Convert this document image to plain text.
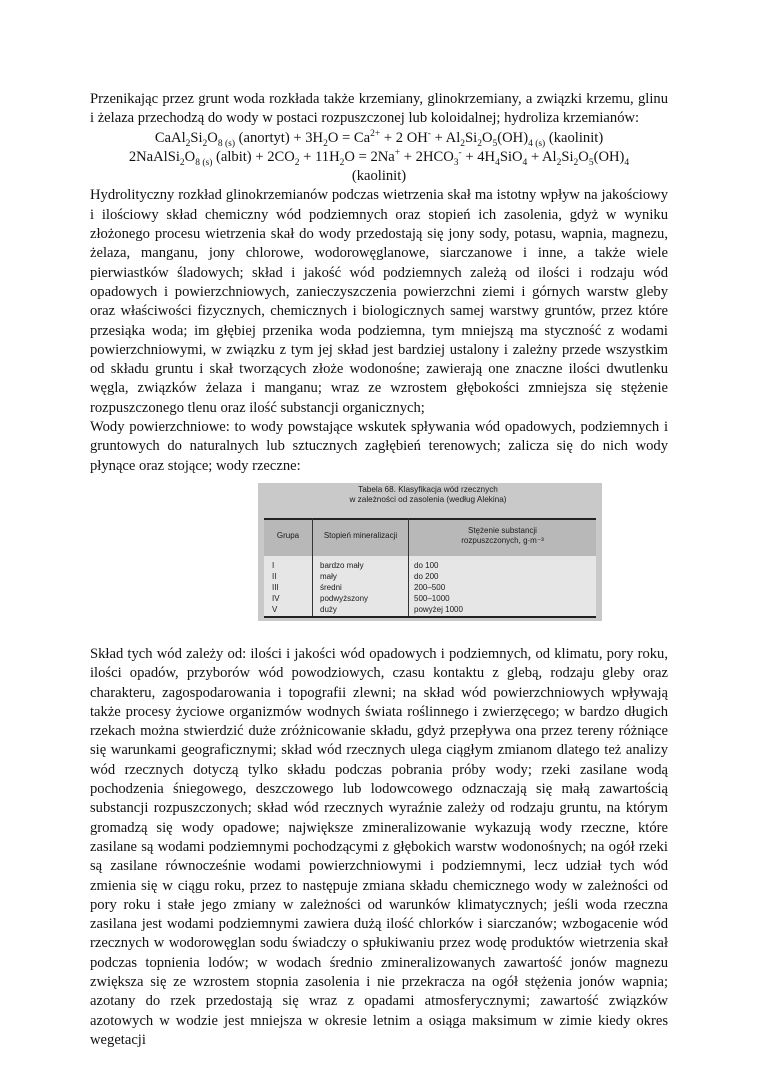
Przenikając przez grunt woda rozkłada także krzemiany, glinokrzemiany, a związki krzemu, glinu i żelaza przechodzą do wody w postaci rozpuszczonej lub koloidalnej; hydroliza krzemianów:

$CaAl_2Si_2O_{8 (s)}$ (anortyt) + $3H_2O = Ca^{2+} + 2$ $OH^- + Al_2Si_2O_5(OH)_{4 (s)}$ (kaolinit)
$2NaAlSi_2O_{8 (s)}$ (albit) + $2CO_2 + 11H_2O = 2Na^+ + 2HCO_3^- + 4H_4SiO_4 + Al_2Si_2O_5(OH)_4$
(kaolinit)

Hydrolityczny rozkład glinokrzemianów podczas wietrzenia skał ma istotny wpływ na jakościowy i ilościowy skład chemiczny wód podziemnych oraz stopień ich zasolenia, gdyż w wyniku złożonego procesu wietrzenia skał do wody przedostają się jony sody, potasu, wapnia, magnezu, żelaza, manganu, jony chlorowe, wodorowęglanowe, siarczanowe i inne, a także wiele pierwiastków śladowych; skład i jakość wód podziemnych zależą od ilości i rodzaju wód opadowych i powierzchniowych, zanieczyszczenia powierzchni ziemi i górnych warstw gleby oraz właściwości fizycznych, chemicznych i biologicznych samej warstwy gruntów, przez które przesiąka woda; im głębiej przenika woda podziemna, tym mniejszą ma styczność z wodami powierzchniowymi, w związku z tym jej skład jest bardziej ustalony i zależny przede wszystkim od składu gruntu i skał tworzących złoże wodonośne; zawierają one znaczne ilości dwutlenku węgla, związków żelaza i manganu; wraz ze wzrostem głębokości zmniejsza się stężenie rozpuszczonego tlenu oraz ilość substancji organicznych;

Wody powierzchniowe: to wody powstające wskutek spływania wód opadowych, podziemnych i gruntowych do naturalnych lub sztucznych zagłębień terenowych; zalicza się do nich wody płynące oraz stojące; wody rzeczne:

Tabela 68. Klasyfikacja wód rzecznych
w zależności od zasolenia (według Alekina)
Grupa	Stopień mineralizacji
Stężenie substancji
rozpuszczonych, g·m⁻³
I
II
III
IV
V
bardzo mały
mały
średni
podwyższony
duży
do 100
do 200
200–500
500–1000
powyżej 1000

Skład tych wód zależy od: ilości i jakości wód opadowych i podziemnych, od klimatu, pory roku, ilości opadów, przyborów wód powodziowych, czasu kontaktu z glebą, rodzaju gleby oraz charakteru, zagospodarowania i topografii zlewni; na skład wód powierzchniowych wpływają także procesy życiowe organizmów wodnych świata roślinnego i zwierzęcego; w bardzo długich rzekach można stwierdzić duże zróżnicowanie składu, gdyż przepływa ona przez tereny różniące się warunkami geograficznymi; skład wód rzecznych ulega ciągłym zmianom dlatego też analizy wód rzecznych dotyczą tylko składu podczas pobrania próby wody; rzeki zasilane wodą pochodzenia śniegowego, deszczowego lub lodowcowego odznaczają się małą zawartością substancji rozpuszczonych; skład wód rzecznych wyraźnie zależy od rodzaju gruntu, na którym gromadzą się wody opadowe; największe zmineralizowanie wykazują wody rzeczne, które zasilane są wodami podziemnymi pochodzącymi z głębokich warstw wodonośnych; na ogół rzeki są zasilane równocześnie wodami powierzchniowymi i podziemnymi, lecz udział tych wód zmienia się w ciągu roku, przez to następuje zmiana składu chemicznego wody w zależności od pory roku i stałe jego zmiany w zależności od warunków klimatycznych; jeśli woda rzeczna zasilana jest wodami podziemnymi zawiera dużą ilość chlorków i siarczanów; wzbogacenie wód rzecznych w wodorowęglan sodu świadczy o spłukiwaniu przez wodę produktów wietrzenia skał podczas topnienia lodów; w wodach średnio zmineralizowanych zawartość jonów magnezu zwiększa się ze wzrostem stopnia zasolenia i nie przekracza na ogół stężenia jonów wapnia; azotany do rzek przedostają się wraz z opadami atmosferycznymi; zawartość związków azotowych w wodzie jest mniejsza w okresie letnim a osiąga maksimum w zimie kiedy okres wegetacji
